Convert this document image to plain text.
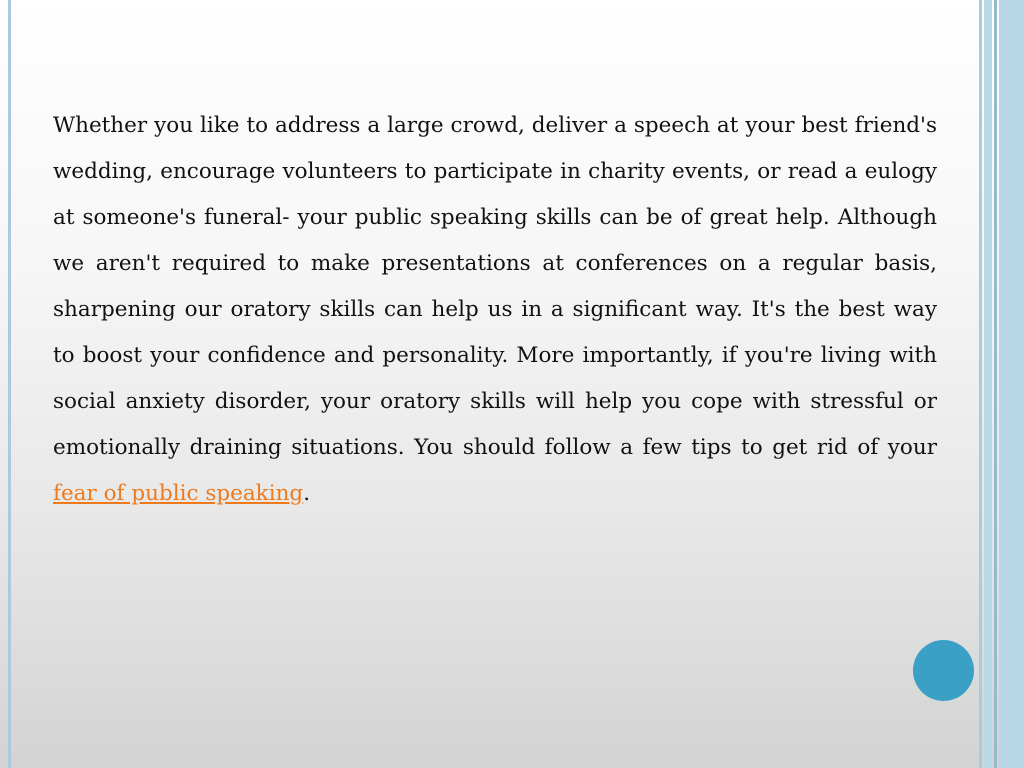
Whether you like to address a large crowd, deliver a speech at your best friend's wedding, encourage volunteers to participate in charity events, or read a eulogy at someone's funeral- your public speaking skills can be of great help. Although we aren't required to make presentations at conferences on a regular basis, sharpening our oratory skills can help us in a significant way. It's the best way to boost your confidence and personality. More importantly, if you're living with social anxiety disorder, your oratory skills will help you cope with stressful or emotionally draining situations. You should follow a few tips to get rid of your fear of public speaking.
